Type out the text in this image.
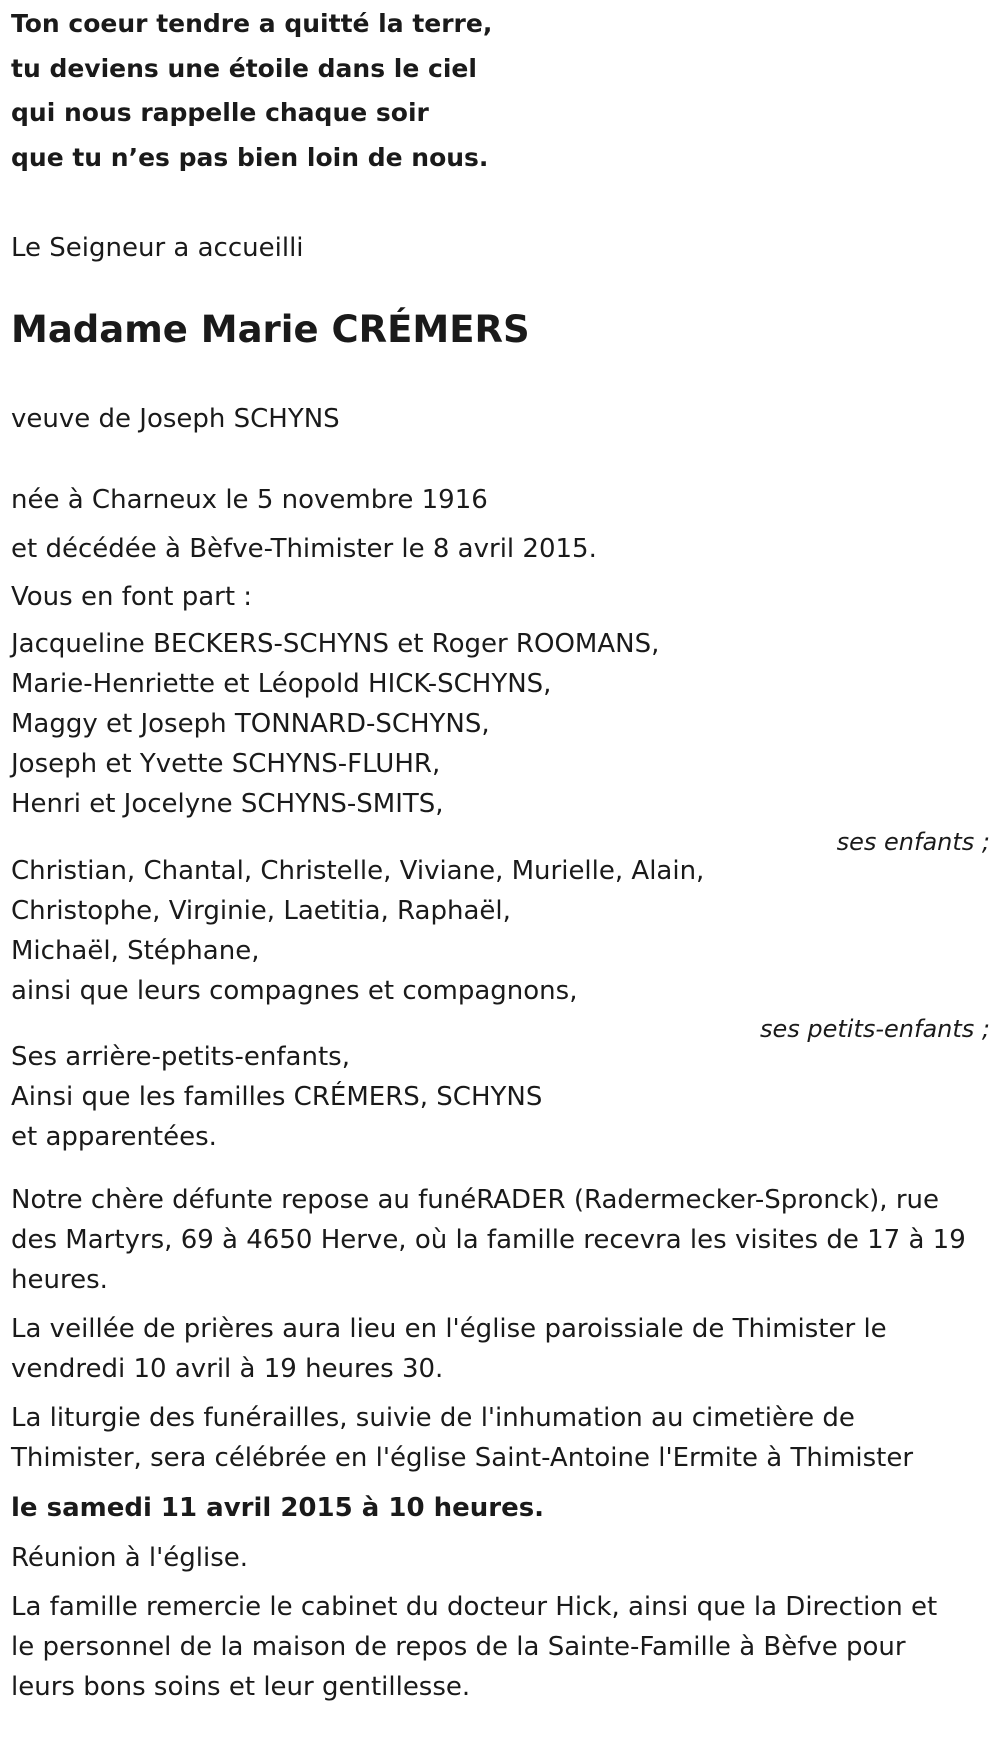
Ton coeur tendre a quitté la terre,

tu deviens une étoile dans le ciel

qui nous rappelle chaque soir

que tu n’es pas bien loin de nous.

Le Seigneur a accueilli

Madame Marie CRÉMERS

veuve de Joseph SCHYNS

née à Charneux le 5 novembre 1916

et décédée à Bèfve-Thimister le 8 avril 2015.

Vous en font part :

Jacqueline BECKERS-SCHYNS et Roger ROOMANS,

Marie-Henriette et Léopold HICK-SCHYNS,

Maggy et Joseph TONNARD-SCHYNS,

Joseph et Yvette SCHYNS-FLUHR,

Henri et Jocelyne SCHYNS-SMITS,

ses enfants ;

Christian, Chantal, Christelle, Viviane, Murielle, Alain,

Christophe, Virginie, Laetitia, Raphaël,

Michaël, Stéphane,

ainsi que leurs compagnes et compagnons,

ses petits-enfants ;

Ses arrière-petits-enfants,

Ainsi que les familles CRÉMERS, SCHYNS

et apparentées.

Notre chère défunte repose au funéRADER (Radermecker-Spronck), rue

des Martyrs, 69 à 4650 Herve, où la famille recevra les visites de 17 à 19

heures.

La veillée de prières aura lieu en l'église paroissiale de Thimister le

vendredi 10 avril à 19 heures 30.

La liturgie des funérailles, suivie de l'inhumation au cimetière de

Thimister, sera célébrée en l'église Saint-Antoine l'Ermite à Thimister

le samedi 11 avril 2015 à 10 heures.

Réunion à l'église.

La famille remercie le cabinet du docteur Hick, ainsi que la Direction et

le personnel de la maison de repos de la Sainte-Famille à Bèfve pour

leurs bons soins et leur gentillesse.
